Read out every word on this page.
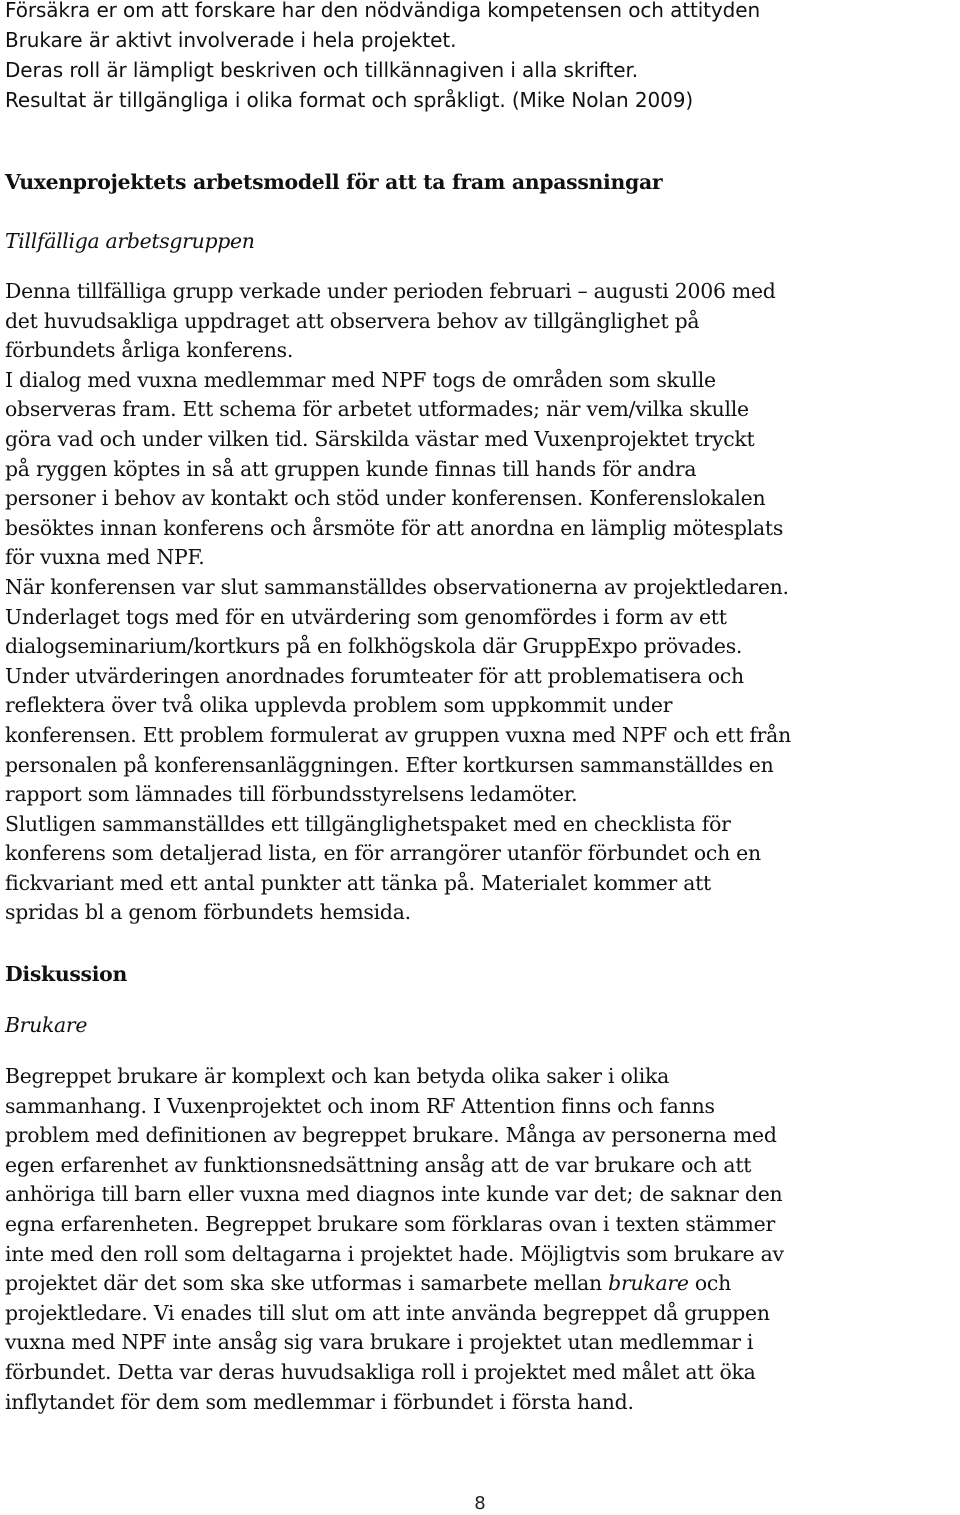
Försäkra er om att forskare har den nödvändiga kompetensen och attityden
Brukare är aktivt involverade i hela projektet.
Deras roll är lämpligt beskriven och tillkännagiven i alla skrifter.
Resultat är tillgängliga i olika format och språkligt. (Mike Nolan 2009)
Vuxenprojektets arbetsmodell för att ta fram anpassningar
Tillfälliga arbetsgruppen
Denna tillfälliga grupp verkade under perioden februari – augusti 2006 med
det huvudsakliga uppdraget att observera behov av tillgänglighet på
förbundets årliga konferens.
I dialog med vuxna medlemmar med NPF togs de områden som skulle
observeras fram. Ett schema för arbetet utformades; när vem/vilka skulle
göra vad och under vilken tid. Särskilda västar med Vuxenprojektet tryckt
på ryggen köptes in så att gruppen kunde finnas till hands för andra
personer i behov av kontakt och stöd under konferensen. Konferenslokalen
besöktes innan konferens och årsmöte för att anordna en lämplig mötesplats
för vuxna med NPF.
När konferensen var slut sammanställdes observationerna av projektledaren.
Underlaget togs med för en utvärdering som genomfördes i form av ett
dialogseminarium/kortkurs på en folkhögskola där GruppExpo prövades.
Under utvärderingen anordnades forumteater för att problematisera och
reflektera över två olika upplevda problem som uppkommit under
konferensen. Ett problem formulerat av gruppen vuxna med NPF och ett från
personalen på konferensanläggningen. Efter kortkursen sammanställdes en
rapport som lämnades till förbundsstyrelsens ledamöter.
Slutligen sammanställdes ett tillgänglighetspaket med en checklista för
konferens som detaljerad lista, en för arrangörer utanför förbundet och en
fickvariant med ett antal punkter att tänka på. Materialet kommer att
spridas bl a genom förbundets hemsida.
Diskussion
Brukare
Begreppet brukare är komplext och kan betyda olika saker i olika
sammanhang. I Vuxenprojektet och inom RF Attention finns och fanns
problem med definitionen av begreppet brukare. Många av personerna med
egen erfarenhet av funktionsnedsättning ansåg att de var brukare och att
anhöriga till barn eller vuxna med diagnos inte kunde var det; de saknar den
egna erfarenheten. Begreppet brukare som förklaras ovan i texten stämmer
inte med den roll som deltagarna i projektet hade. Möjligtvis som brukare av
projektet där det som ska ske utformas i samarbete mellan brukare och
projektledare. Vi enades till slut om att inte använda begreppet då gruppen
vuxna med NPF inte ansåg sig vara brukare i projektet utan medlemmar i
förbundet. Detta var deras huvudsakliga roll i projektet med målet att öka
inflytandet för dem som medlemmar i förbundet i första hand.
8
